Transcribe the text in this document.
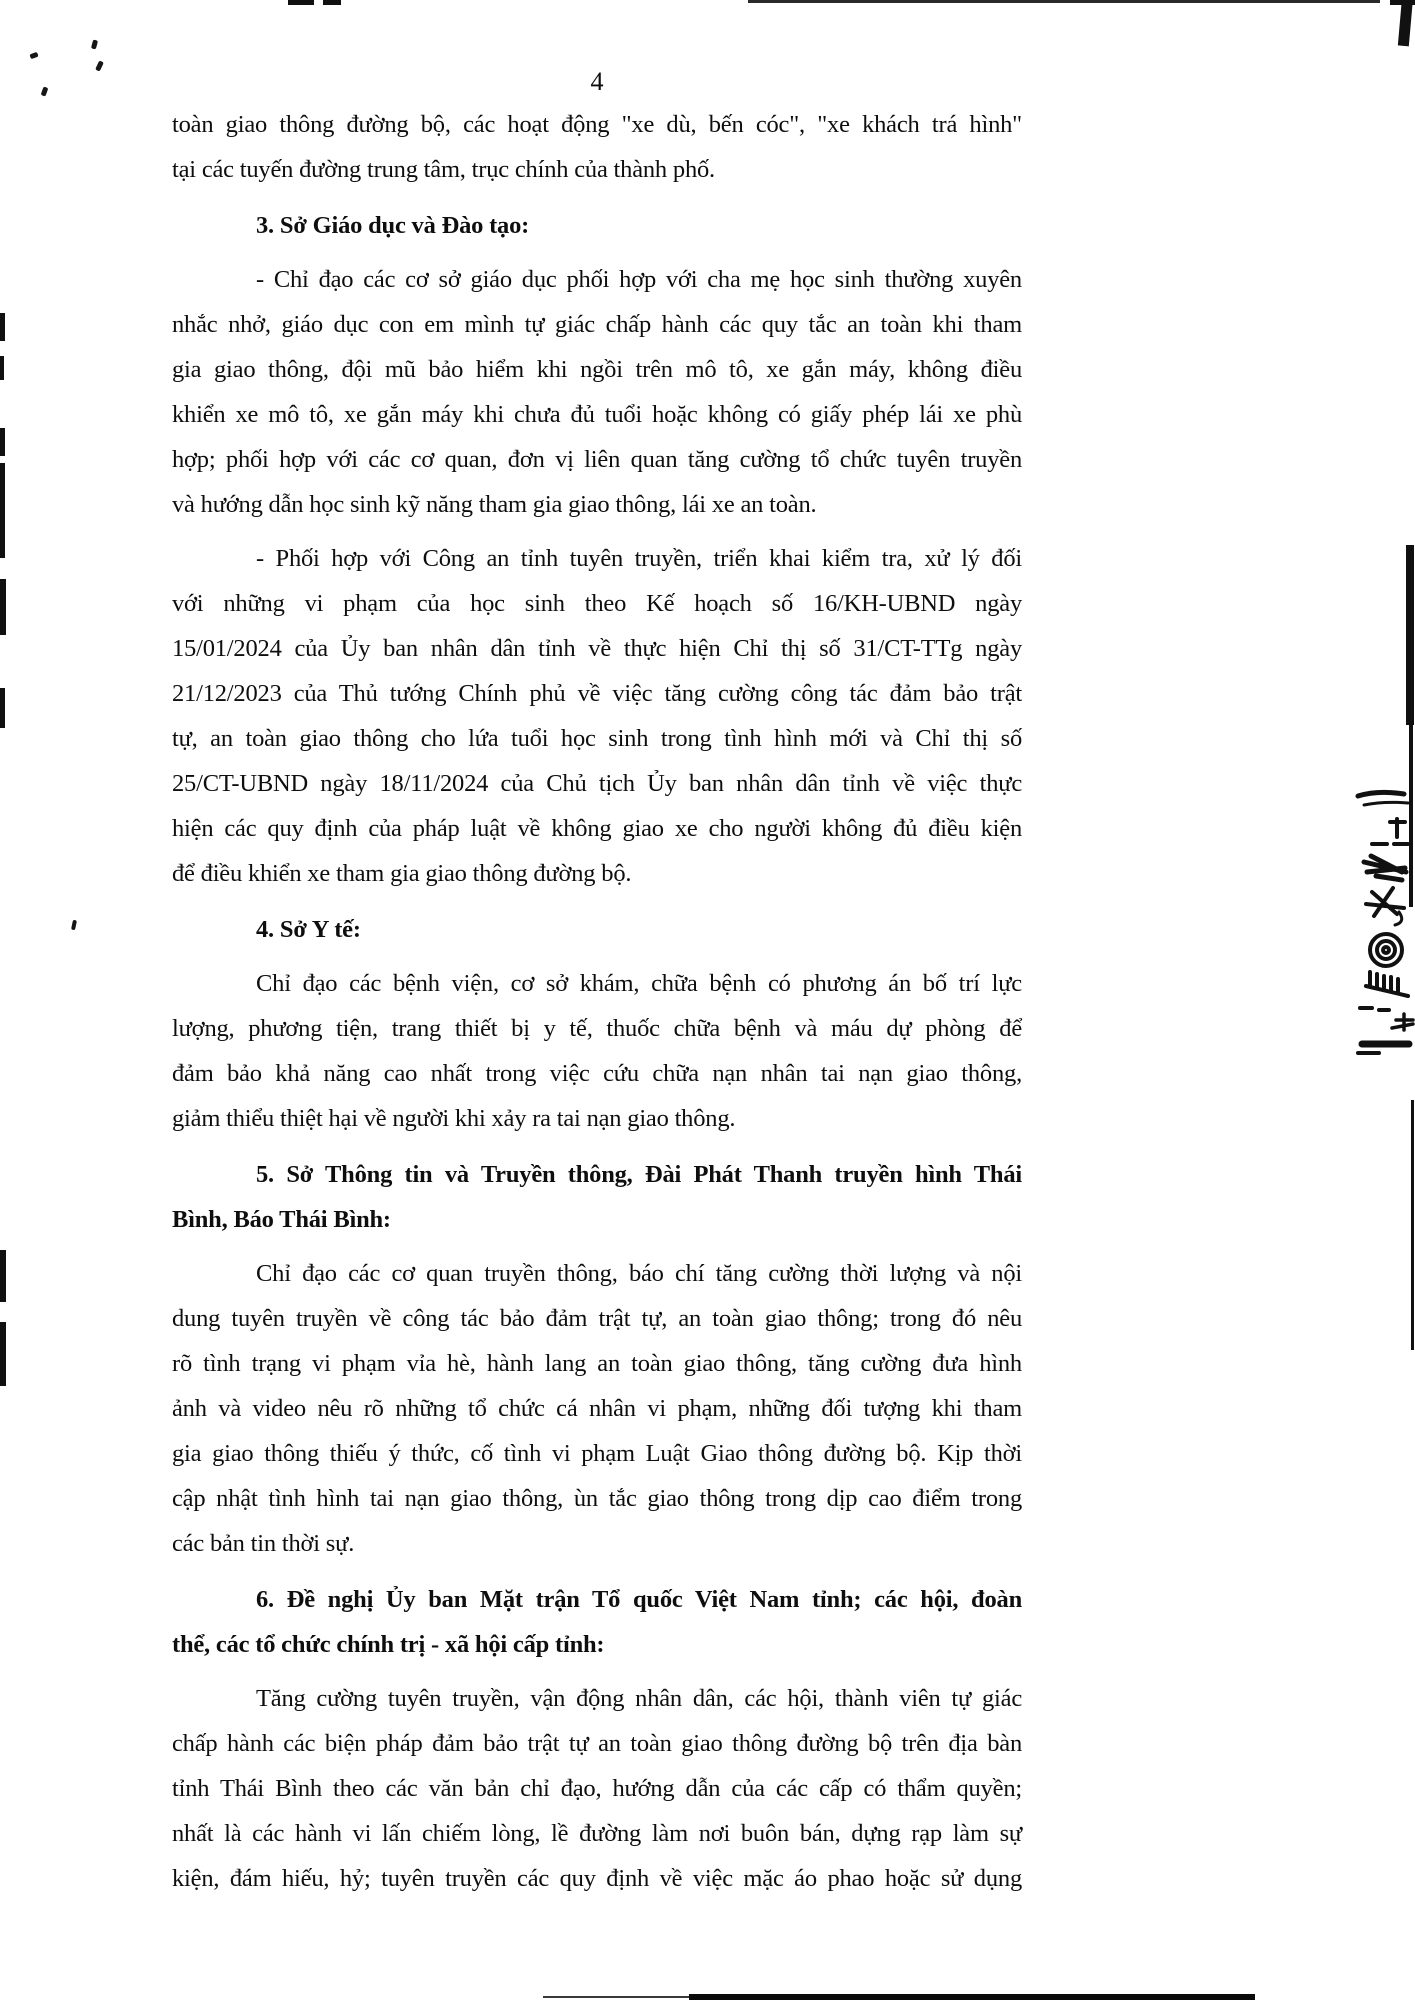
4
toàn giao thông đường bộ, các hoạt động "xe dù, bến cóc", "xe khách trá hình"
tại các tuyến đường trung tâm, trục chính của thành phố.
3. Sở Giáo dục và Đào tạo:
- Chỉ đạo các cơ sở giáo dục phối hợp với cha mẹ học sinh thường xuyên
nhắc nhở, giáo dục con em mình tự giác chấp hành các quy tắc an toàn khi tham
gia giao thông, đội mũ bảo hiểm khi ngồi trên mô tô, xe gắn máy, không điều
khiển xe mô tô, xe gắn máy khi chưa đủ tuổi hoặc không có giấy phép lái xe phù
hợp; phối hợp với các cơ quan, đơn vị liên quan tăng cường tổ chức tuyên truyền
và hướng dẫn học sinh kỹ năng tham gia giao thông, lái xe an toàn.
- Phối hợp với Công an tỉnh tuyên truyền, triển khai kiểm tra, xử lý đối
với những vi phạm của học sinh theo Kế hoạch số 16/KH-UBND ngày
15/01/2024 của Ủy ban nhân dân tỉnh về thực hiện Chỉ thị số 31/CT-TTg ngày
21/12/2023 của Thủ tướng Chính phủ về việc tăng cường công tác đảm bảo trật
tự, an toàn giao thông cho lứa tuổi học sinh trong tình hình mới và Chỉ thị số
25/CT-UBND ngày 18/11/2024 của Chủ tịch Ủy ban nhân dân tỉnh về việc thực
hiện các quy định của pháp luật về không giao xe cho người không đủ điều kiện
để điều khiển xe tham gia giao thông đường bộ.
4. Sở Y tế:
Chỉ đạo các bệnh viện, cơ sở khám, chữa bệnh có phương án bố trí lực
lượng, phương tiện, trang thiết bị y tế, thuốc chữa bệnh và máu dự phòng để
đảm bảo khả năng cao nhất trong việc cứu chữa nạn nhân tai nạn giao thông,
giảm thiểu thiệt hại về người khi xảy ra tai nạn giao thông.
5. Sở Thông tin và Truyền thông, Đài Phát Thanh truyền hình Thái
Bình, Báo Thái Bình:
Chỉ đạo các cơ quan truyền thông, báo chí tăng cường thời lượng và nội
dung tuyên truyền về công tác bảo đảm trật tự, an toàn giao thông; trong đó nêu
rõ tình trạng vi phạm vỉa hè, hành lang an toàn giao thông, tăng cường đưa hình
ảnh và video nêu rõ những tổ chức cá nhân vi phạm, những đối tượng khi tham
gia giao thông thiếu ý thức, cố tình vi phạm Luật Giao thông đường bộ. Kịp thời
cập nhật tình hình tai nạn giao thông, ùn tắc giao thông trong dịp cao điểm trong
các bản tin thời sự.
6. Đề nghị Ủy ban Mặt trận Tổ quốc Việt Nam tỉnh; các hội, đoàn
thể, các tổ chức chính trị - xã hội cấp tỉnh:
Tăng cường tuyên truyền, vận động nhân dân, các hội, thành viên tự giác
chấp hành các biện pháp đảm bảo trật tự an toàn giao thông đường bộ trên địa bàn
tỉnh Thái Bình theo các văn bản chỉ đạo, hướng dẫn của các cấp có thẩm quyền;
nhất là các hành vi lấn chiếm lòng, lề đường làm nơi buôn bán, dựng rạp làm sự
kiện, đám hiếu, hỷ; tuyên truyền các quy định về việc mặc áo phao hoặc sử dụng
